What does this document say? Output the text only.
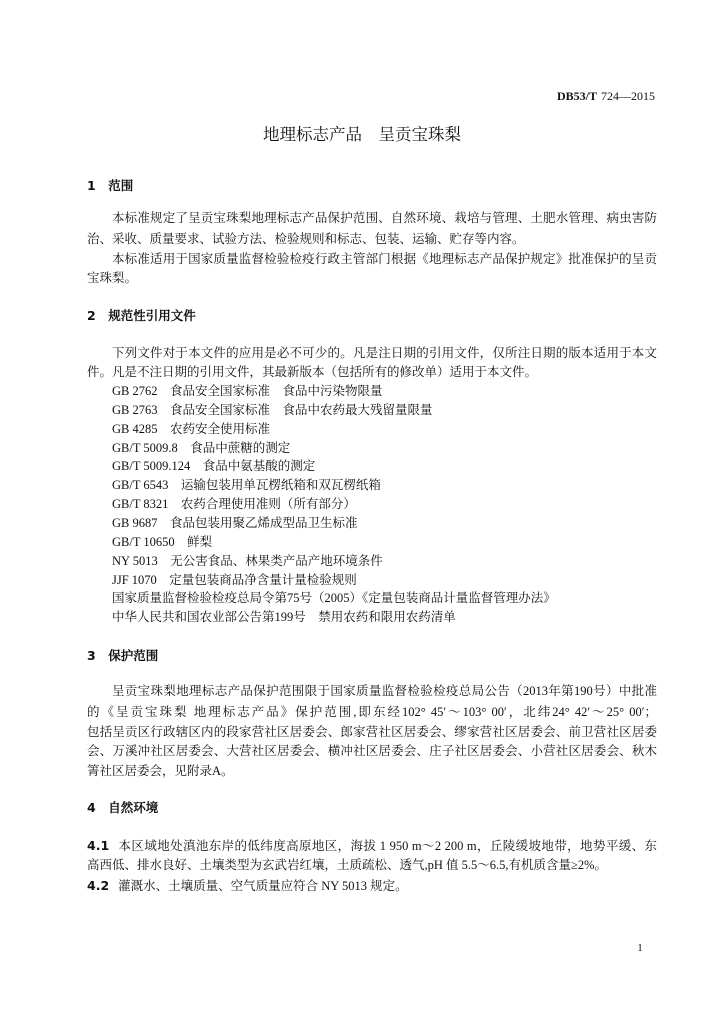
DB53/T 724—2015
地理标志产品　呈贡宝珠梨
1　范围
本标准规定了呈贡宝珠梨地理标志产品保护范围、自然环境、栽培与管理、土肥水管理、病虫害防
治、采收、质量要求、试验方法、检验规则和标志、包装、运输、贮存等内容。
本标准适用于国家质量监督检验检疫行政主管部门根据《地理标志产品保护规定》批准保护的呈贡
宝珠梨。
2　规范性引用文件
下列文件对于本文件的应用是必不可少的。凡是注日期的引用文件，仅所注日期的版本适用于本文
件。凡是不注日期的引用文件，其最新版本（包括所有的修改单）适用于本文件。
GB 2762　食品安全国家标准　食品中污染物限量
GB 2763　食品安全国家标准　食品中农药最大残留量限量
GB 4285　农药安全使用标准
GB/T 5009.8　食品中蔗糖的测定
GB/T 5009.124　食品中氨基酸的测定
GB/T 6543　运输包装用单瓦楞纸箱和双瓦楞纸箱
GB/T 8321　农药合理使用准则（所有部分）
GB 9687　食品包装用聚乙烯成型品卫生标准
GB/T 10650　鲜梨
NY 5013　无公害食品、林果类产品产地环境条件
JJF 1070　定量包装商品净含量计量检验规则
国家质量监督检验检疫总局令第75号（2005）《定量包装商品计量监督管理办法》
中华人民共和国农业部公告第199号　禁用农药和限用农药清单
3　保护范围
呈贡宝珠梨地理标志产品保护范围限于国家质量监督检验检疫总局公告（2013年第190号）中批准
的《呈贡宝珠梨 地理标志产品》保护范围,即东经102° 45′～103° 00′，北纬24° 42′～25° 00′；
包括呈贡区行政辖区内的段家营社区居委会、郎家营社区居委会、缪家营社区居委会、前卫营社区居委
会、万溪冲社区居委会、大营社区居委会、横冲社区居委会、庄子社区居委会、小营社区居委会、秋木
箐社区居委会，见附录A。
4　自然环境
4.1 本区域地处滇池东岸的低纬度高原地区，海拔 1 950 m～2 200 m，丘陵缓坡地带，地势平缓、东
高西低、排水良好、土壤类型为玄武岩红壤，土质疏松、透气,pH 值 5.5～6.5,有机质含量≥2%。
4.2 灌溉水、土壤质量、空气质量应符合 NY 5013 规定。
1
